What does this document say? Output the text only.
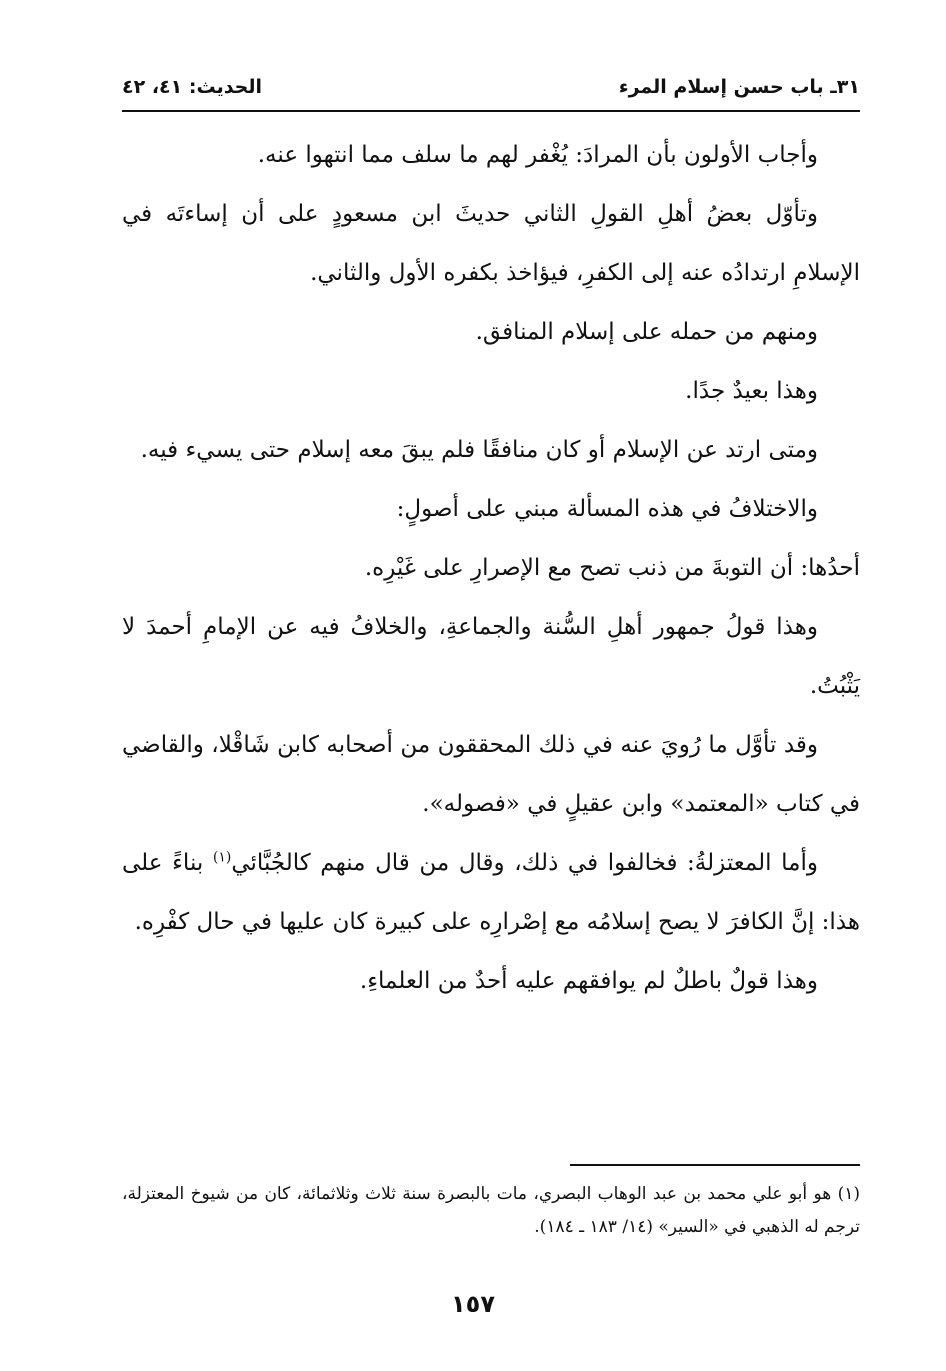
٣١ـ باب حسن إسلام المرء
الحديث: ٤١، ٤٢

وأجاب الأولون بأن المرادَ: يُغْفر لهم ما سلف مما انتهوا عنه.

وتأوّل بعضُ أهلِ القولِ الثاني حديثَ ابن مسعودٍ على أن إساءتَه في الإسلامِ ارتدادُه عنه إلى الكفرِ، فيؤاخذ بكفره الأول والثاني.

ومنهم من حمله على إسلام المنافق.

وهذا بعيدٌ جدًا.

ومتى ارتد عن الإسلام أو كان منافقًا فلم يبقَ معه إسلام حتى يسيء فيه.

والاختلافُ في هذه المسألة مبني على أصولٍ:

أحدُها: أن التوبةَ من ذنب تصح مع الإصرارِ على غَيْرِه.

وهذا قولُ جمهور أهلِ السُّنة والجماعةِ، والخلافُ فيه عن الإمامِ أحمدَ لا يَثْبُتُ.

وقد تأوَّل ما رُويَ عنه في ذلك المحققون من أصحابه كابن شَاقْلا، والقاضي في كتاب «المعتمد» وابن عقيلٍ في «فصوله».

وأما المعتزلةُ: فخالفوا في ذلك، وقال من قال منهم كالجُبَّائي$^{(١)}$ بناءً على هذا: إنَّ الكافرَ لا يصح إسلامُه مع إصْرارِه على كبيرة كان عليها في حال كفْرِه.

وهذا قولٌ باطلٌ لم يوافقهم عليه أحدٌ من العلماءِ.

(١) هو أبو علي محمد بن عبد الوهاب البصري، مات بالبصرة سنة ثلاث وثلاثمائة، كان من شيوخ المعتزلة، ترجم له الذهبي في «السير» (١٤/ ١٨٣ ـ ١٨٤).

١٥٧
